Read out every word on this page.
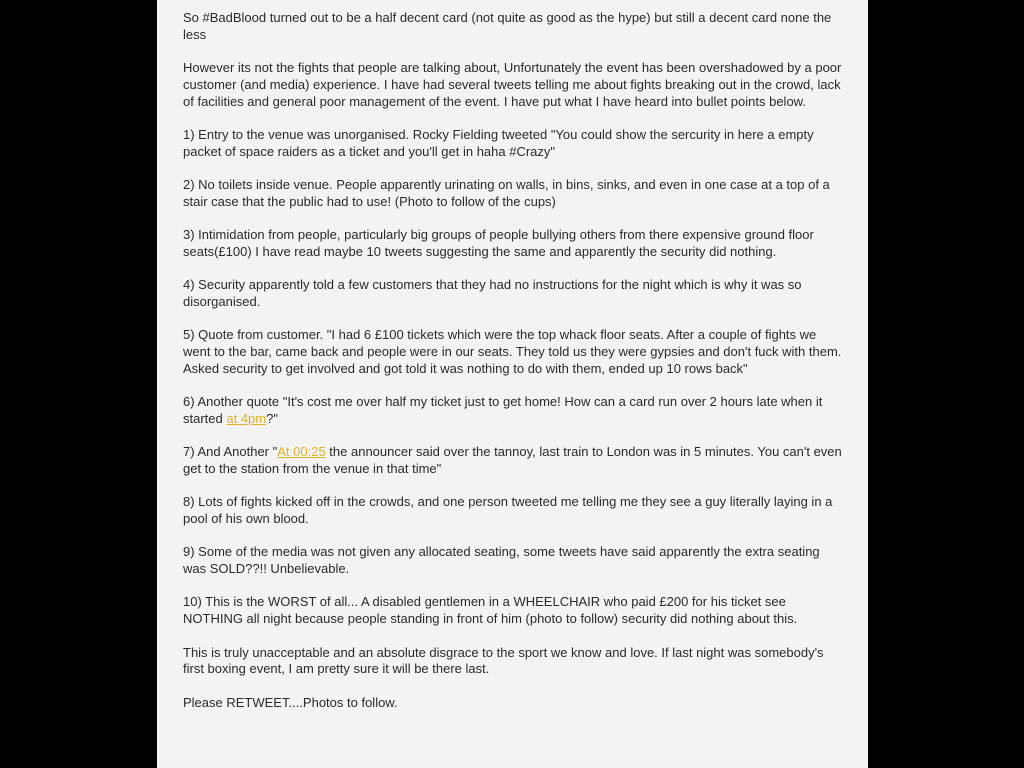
So #BadBlood turned out to be a half decent card (not quite as good as the hype) but still a decent card none the less

However its not the fights that people are talking about, Unfortunately the event has been overshadowed by a poor customer (and media) experience. I have had several tweets telling me about fights breaking out in the crowd, lack of facilities and general poor management of the event. I have put what I have heard into bullet points below.

1) Entry to the venue was unorganised. Rocky Fielding tweeted "You could show the sercurity in here a empty packet of space raiders as a ticket and you'll get in haha #Crazy"

2) No toilets inside venue. People apparently urinating on walls, in bins, sinks, and even in one case at a top of a stair case that the public had to use! (Photo to follow of the cups)

3) Intimidation from people, particularly big groups of people bullying others from there expensive ground floor seats(£100) I have read maybe 10 tweets suggesting the same and apparently the security did nothing.

4) Security apparently told a few customers that they had no instructions for the night which is why it was so disorganised.

5) Quote from customer. "I had 6 £100 tickets which were the top whack floor seats. After a couple of fights we went to the bar, came back and people were in our seats. They told us they were gypsies and don't fuck with them. Asked security to get involved and got told it was nothing to do with them, ended up 10 rows back"

6) Another quote "It's cost me over half my ticket just to get home! How can a card run over 2 hours late when it started at 4pm?"

7) And Another "At 00:25 the announcer said over the tannoy, last train to London was in 5 minutes. You can't even get to the station from the venue in that time"

8) Lots of fights kicked off in the crowds, and one person tweeted me telling me they see a guy literally laying in a pool of his own blood.

9) Some of the media was not given any allocated seating, some tweets have said apparently the extra seating was SOLD??!! Unbelievable.

10) This is the WORST of all... A disabled gentlemen in a WHEELCHAIR who paid £200 for his ticket see NOTHING all night because people standing in front of him (photo to follow) security did nothing about this.

This is truly unacceptable and an absolute disgrace to the sport we know and love. If last night was somebody's first boxing event, I am pretty sure it will be there last.

Please RETWEET....Photos to follow.
